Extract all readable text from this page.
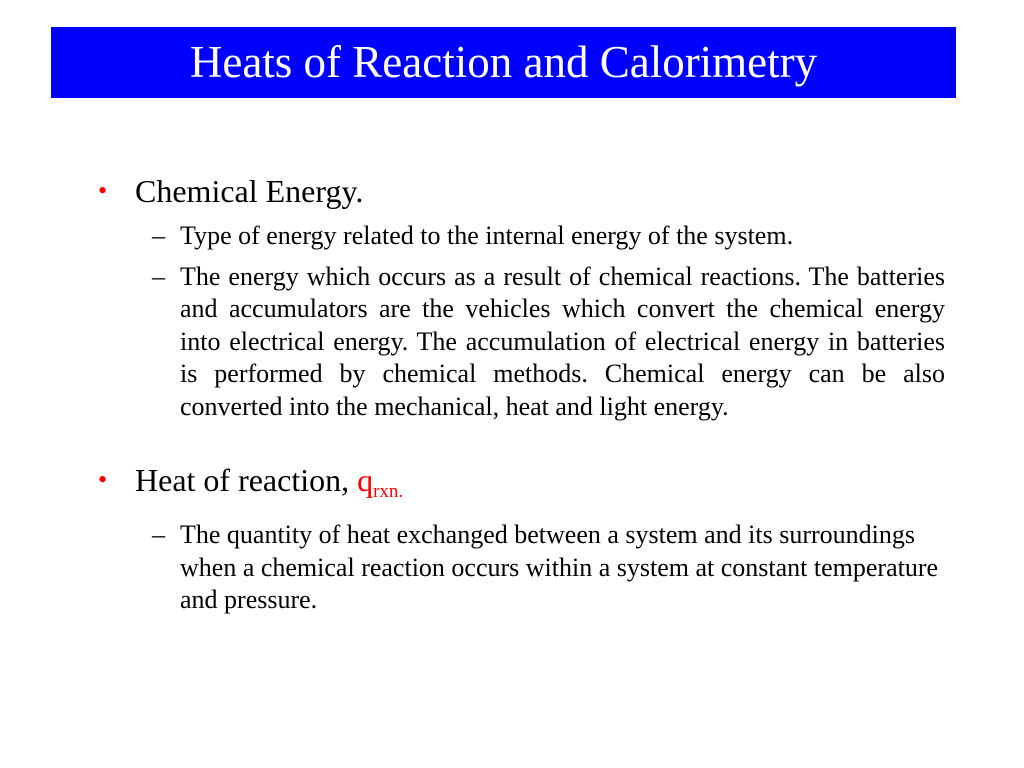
Heats of Reaction and Calorimetry
• Chemical Energy.
– Type of energy related to the internal energy of the system.
– The energy which occurs as a result of chemical reactions. The batteries and accumulators are the vehicles which convert the chemical energy into electrical energy. The accumulation of electrical energy in batteries is performed by chemical methods. Chemical energy can be also converted into the mechanical, heat and light energy.
• Heat of reaction, qrxn.
– The quantity of heat exchanged between a system and its surroundings when a chemical reaction occurs within a system at constant temperature and pressure.
